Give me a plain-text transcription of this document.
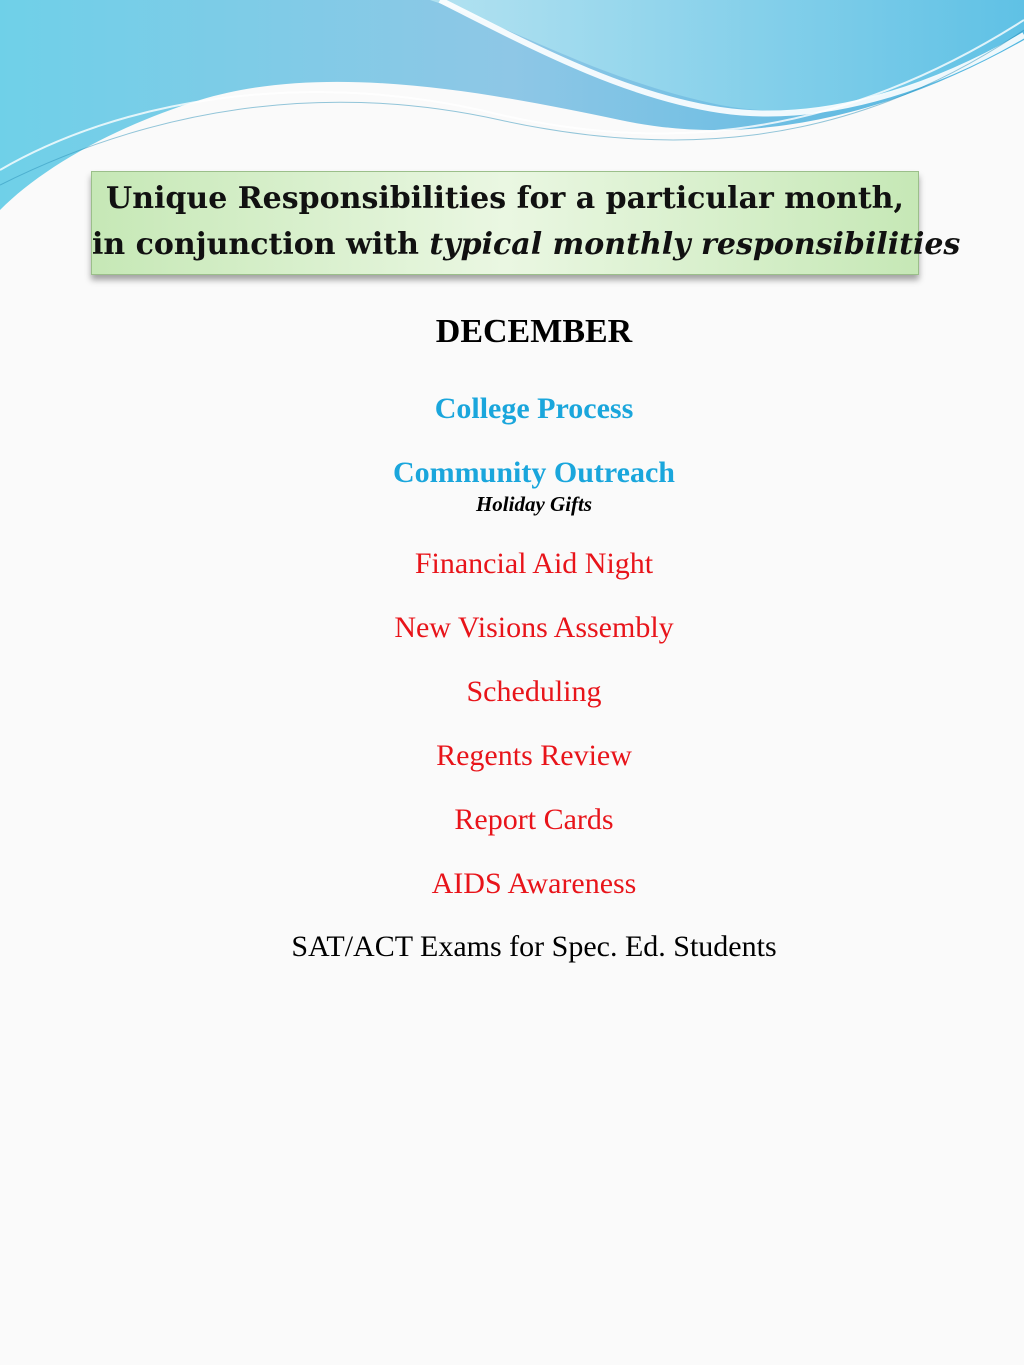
Unique Responsibilities for a particular month,
in conjunction with typical monthly responsibilities
DECEMBER
College Process
Community Outreach
Holiday Gifts
Financial Aid Night
New Visions Assembly
Scheduling
Regents Review
Report Cards
AIDS Awareness
SAT/ACT Exams for Spec. Ed. Students
